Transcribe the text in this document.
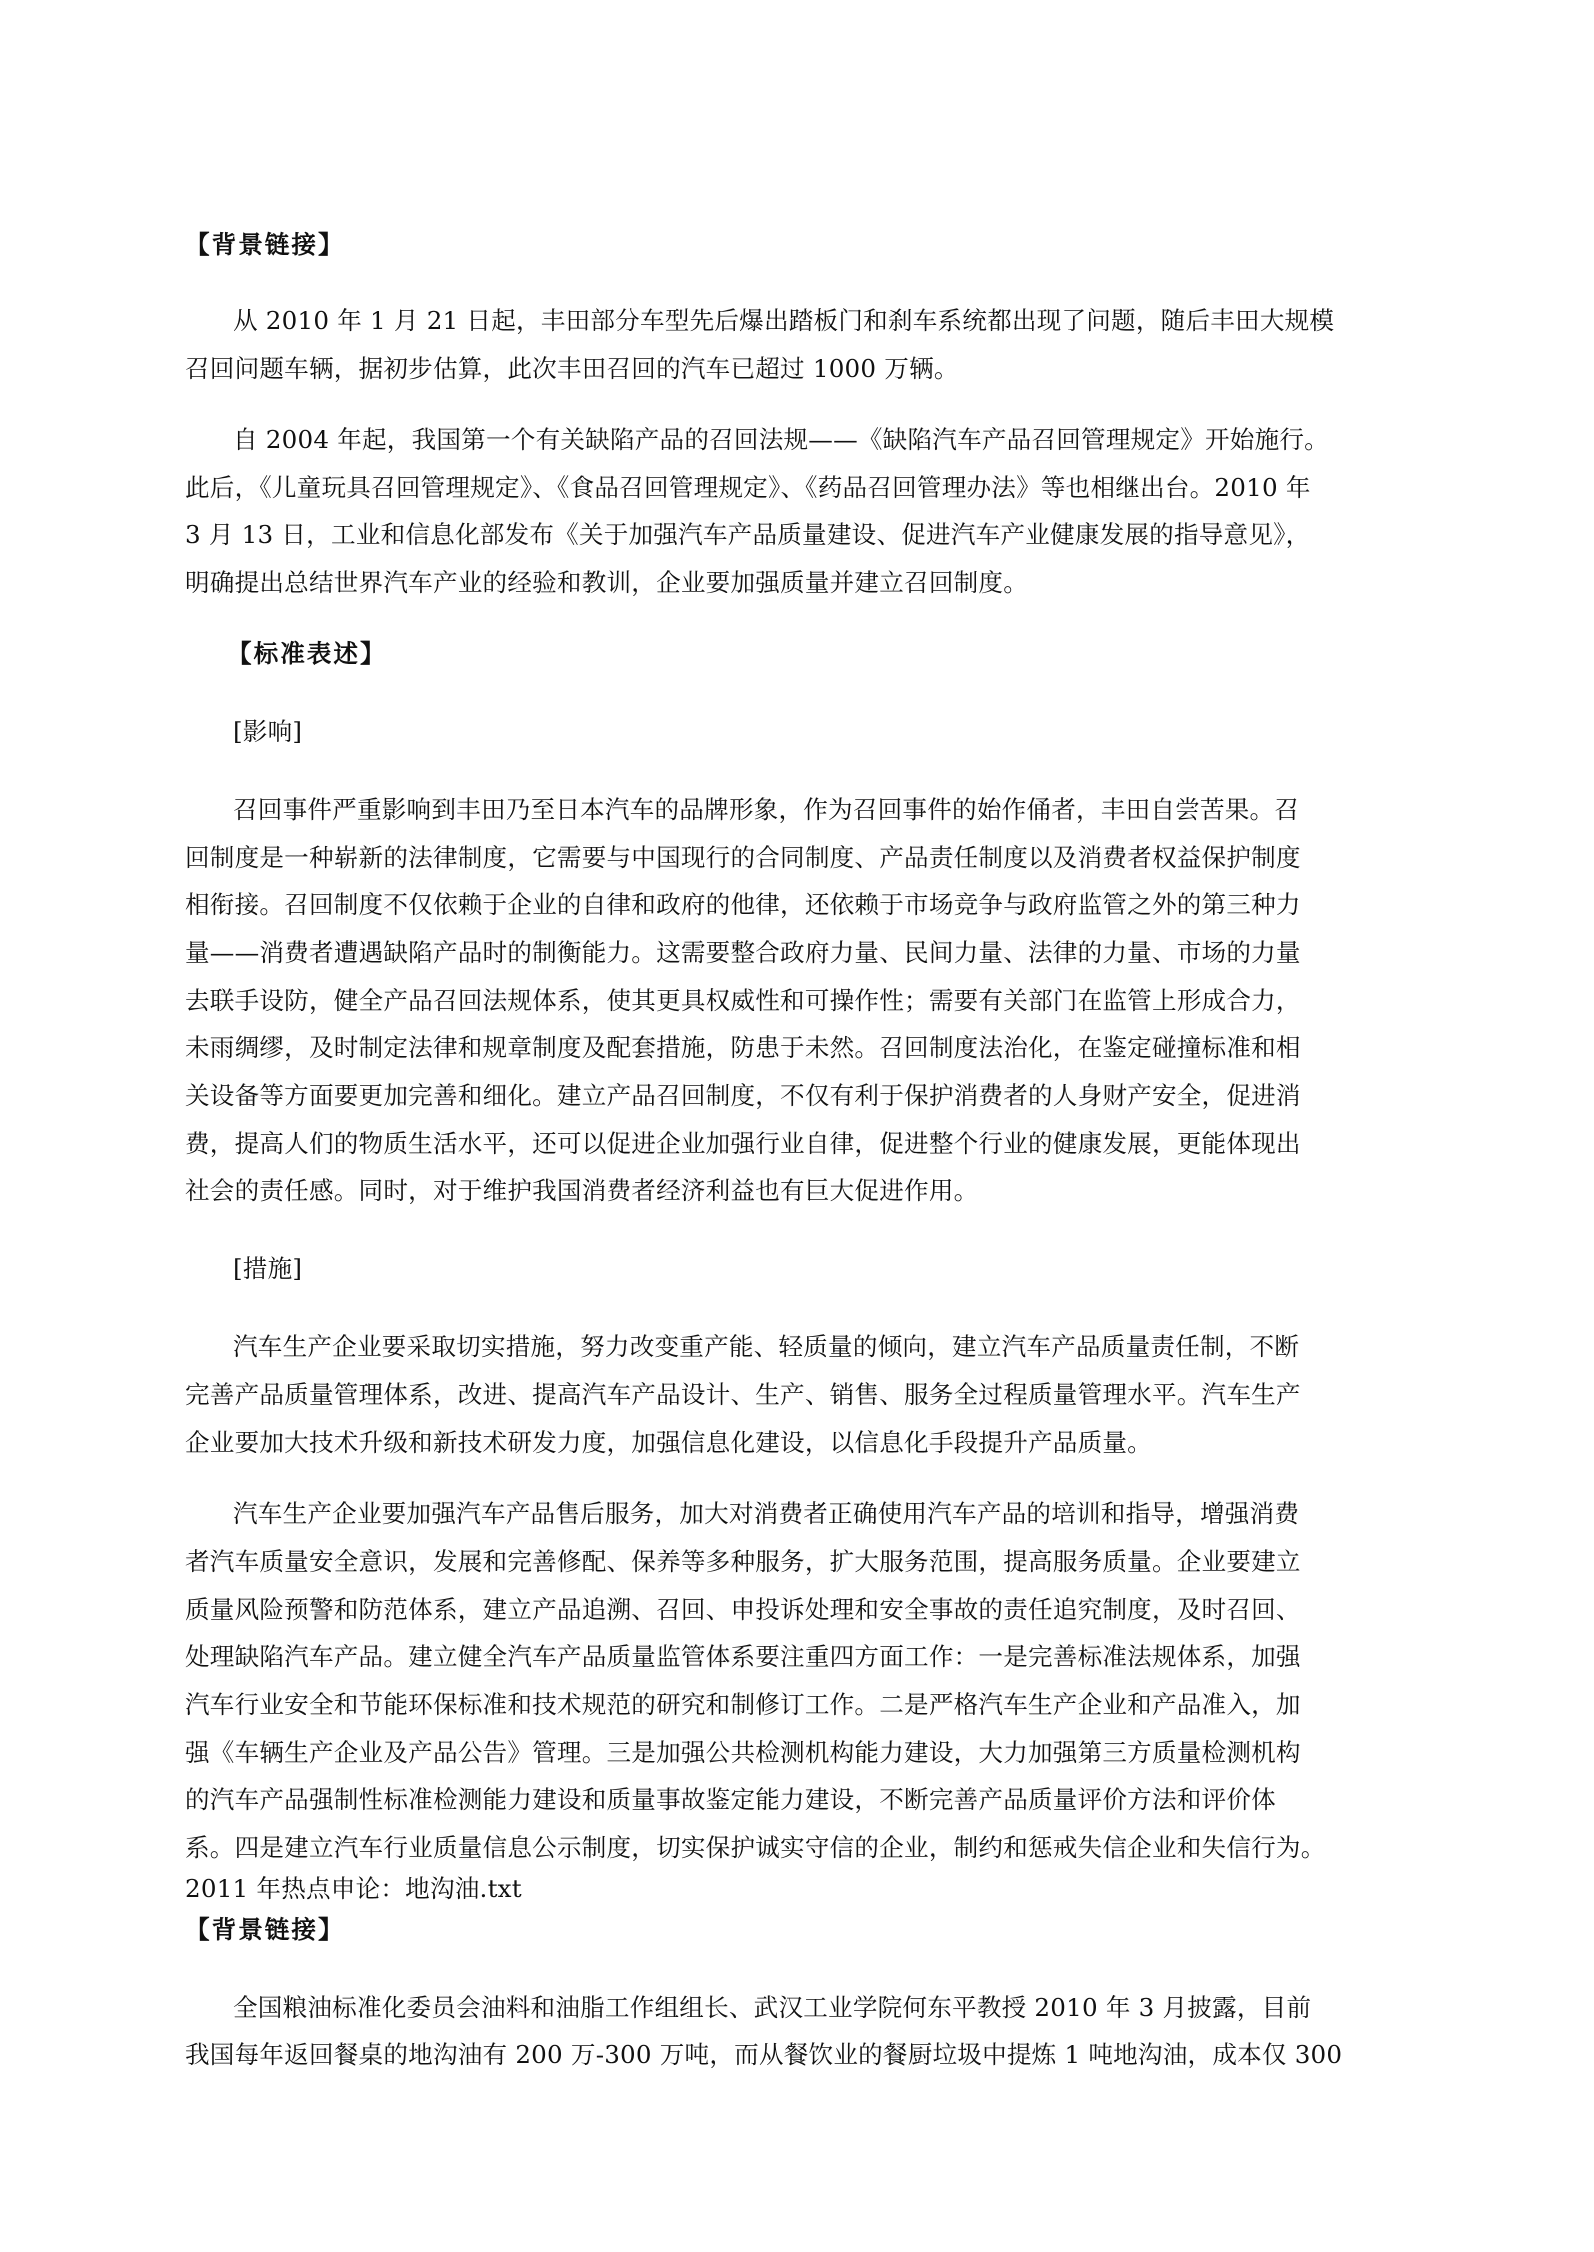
【背景链接】

从 2010 年 1 月 21 日起，丰田部分车型先后爆出踏板门和刹车系统都出现了问题，随后丰田大规模

召回问题车辆，据初步估算，此次丰田召回的汽车已超过 1000 万辆。

自 2004 年起，我国第一个有关缺陷产品的召回法规——《缺陷汽车产品召回管理规定》开始施行。

此后，《儿童玩具召回管理规定》、《食品召回管理规定》、《药品召回管理办法》等也相继出台。2010 年

3 月 13 日，工业和信息化部发布《关于加强汽车产品质量建设、促进汽车产业健康发展的指导意见》，

明确提出总结世界汽车产业的经验和教训，企业要加强质量并建立召回制度。

【标准表述】

[影响]

召回事件严重影响到丰田乃至日本汽车的品牌形象，作为召回事件的始作俑者，丰田自尝苦果。召

回制度是一种崭新的法律制度，它需要与中国现行的合同制度、产品责任制度以及消费者权益保护制度

相衔接。召回制度不仅依赖于企业的自律和政府的他律，还依赖于市场竞争与政府监管之外的第三种力

量——消费者遭遇缺陷产品时的制衡能力。这需要整合政府力量、民间力量、法律的力量、市场的力量

去联手设防，健全产品召回法规体系，使其更具权威性和可操作性；需要有关部门在监管上形成合力，

未雨绸缪，及时制定法律和规章制度及配套措施，防患于未然。召回制度法治化，在鉴定碰撞标准和相

关设备等方面要更加完善和细化。建立产品召回制度，不仅有利于保护消费者的人身财产安全，促进消

费，提高人们的物质生活水平，还可以促进企业加强行业自律，促进整个行业的健康发展，更能体现出

社会的责任感。同时，对于维护我国消费者经济利益也有巨大促进作用。

[措施]

汽车生产企业要采取切实措施，努力改变重产能、轻质量的倾向，建立汽车产品质量责任制，不断

完善产品质量管理体系，改进、提高汽车产品设计、生产、销售、服务全过程质量管理水平。汽车生产

企业要加大技术升级和新技术研发力度，加强信息化建设，以信息化手段提升产品质量。

汽车生产企业要加强汽车产品售后服务，加大对消费者正确使用汽车产品的培训和指导，增强消费

者汽车质量安全意识，发展和完善修配、保养等多种服务，扩大服务范围，提高服务质量。企业要建立

质量风险预警和防范体系，建立产品追溯、召回、申投诉处理和安全事故的责任追究制度，及时召回、

处理缺陷汽车产品。建立健全汽车产品质量监管体系要注重四方面工作：一是完善标准法规体系，加强

汽车行业安全和节能环保标准和技术规范的研究和制修订工作。二是严格汽车生产企业和产品准入，加

强《车辆生产企业及产品公告》管理。三是加强公共检测机构能力建设，大力加强第三方质量检测机构

的汽车产品强制性标准检测能力建设和质量事故鉴定能力建设，不断完善产品质量评价方法和评价体

系。四是建立汽车行业质量信息公示制度，切实保护诚实守信的企业，制约和惩戒失信企业和失信行为。

2011 年热点申论：地沟油.txt

【背景链接】

全国粮油标准化委员会油料和油脂工作组组长、武汉工业学院何东平教授 2010 年 3 月披露，目前

我国每年返回餐桌的地沟油有 200 万-300 万吨，而从餐饮业的餐厨垃圾中提炼 1 吨地沟油，成本仅 300
